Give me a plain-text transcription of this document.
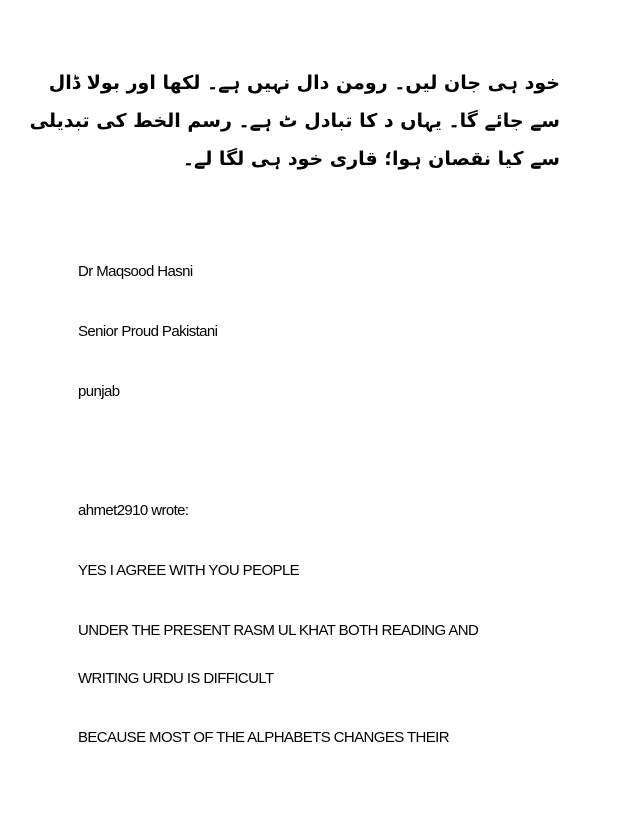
خود ہی جان لیں۔ رومن دال نہیں ہے۔ لکھا اور بولا ڈال

سے جائے گا۔ یہاں د کا تبادل ٹ ہے۔ رسم الخط کی تبدیلی

سے کیا نقصان ہوا؛ قاری خود ہی لگا لے۔

Dr Maqsood Hasni

Senior Proud Pakistani

punjab

ahmet2910 wrote:

YES I AGREE WITH YOU PEOPLE

UNDER THE PRESENT RASM UL KHAT BOTH READING AND

WRITING URDU IS DIFFICULT

BECAUSE MOST OF THE ALPHABETS CHANGES THEIR
